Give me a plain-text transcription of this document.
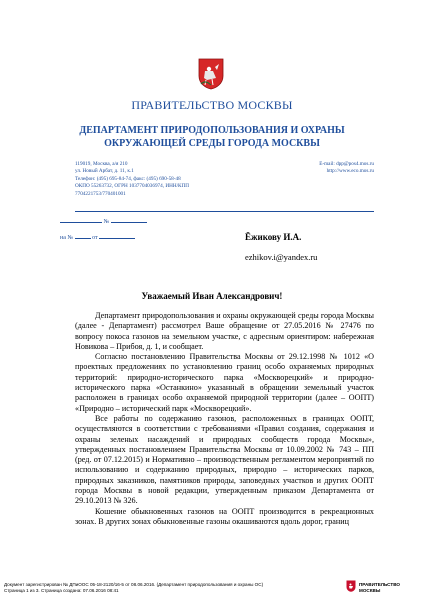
ПРАВИТЕЛЬСТВО МОСКВЫ
ДЕПАРТАМЕНТ ПРИРОДОПОЛЬЗОВАНИЯ И ОХРАНЫ
ОКРУЖАЮЩЕЙ СРЕДЫ ГОРОДА МОСКВЫ
119019, Москва, а/я 210
ул. Новый Арбат, д. 11, к.1
Телефон: (495) 695-84-74, факс: (495) 690-58-48
ОКПО 55263732, ОГРН 1037704036974, ИНН/КПП
7704221753/770401001
E-mail: dpp@pos4.mos.ru
http://www.eco.mos.ru
№
на №	от	Ёжикову И.А.
ezhikov.i@yandex.ru
Уважаемый Иван Александрович!

Департамент природопользования и охраны окружающей среды города Москвы (далее - Департамент) рассмотрел Ваше обращение от 27.05.2016 № 27476 по вопросу покоса газонов на земельном участке, с адресным ориентиром: набережная Новикова – Прибоя, д. 1, и сообщает.

Согласно постановлению Правительства Москвы от 29.12.1998 № 1012 «О проектных предложениях по установлению границ особо охраняемых природных территорий: природно-исторического парка «Москворецкий» и природно-исторического парка «Останкино» указанный в обращении земельный участок расположен в границах особо охраняемой природной территории (далее – ООПТ) «Природно – исторический парк «Москворецкий».

Все работы по содержанию газонов, расположенных в границах ООПТ, осуществляются в соответствии с требованиями «Правил создания, содержания и охраны зеленых насаждений и природных сообществ города Москвы», утвержденных постановлением Правительства Москвы от 10.09.2002 № 743 – ПП (ред. от 07.12.2015) и Нормативно – производственным регламентом мероприятий по использованию и содержанию природных, природно – исторических парков, природных заказников, памятников природы, заповедных участков и других ООПТ города Москвы в новой редакции, утвержденным приказом Департамента от 29.10.2013 № 326.

Кошение обыкновенных газонов на ООПТ производится в рекреационных зонах. В других зонах обыкновенные газоны окашиваются вдоль дорог, границ

Документ зарегистрирован № ДПиООС 05-18-2120/16-5 от 08.06.2016. (Департамент природопользования и охраны ОС)
Страница 1 из 3. Страница создана: 07.06.2016 08:41
ПРАВИТЕЛЬСТВО
МОСКВЫ
